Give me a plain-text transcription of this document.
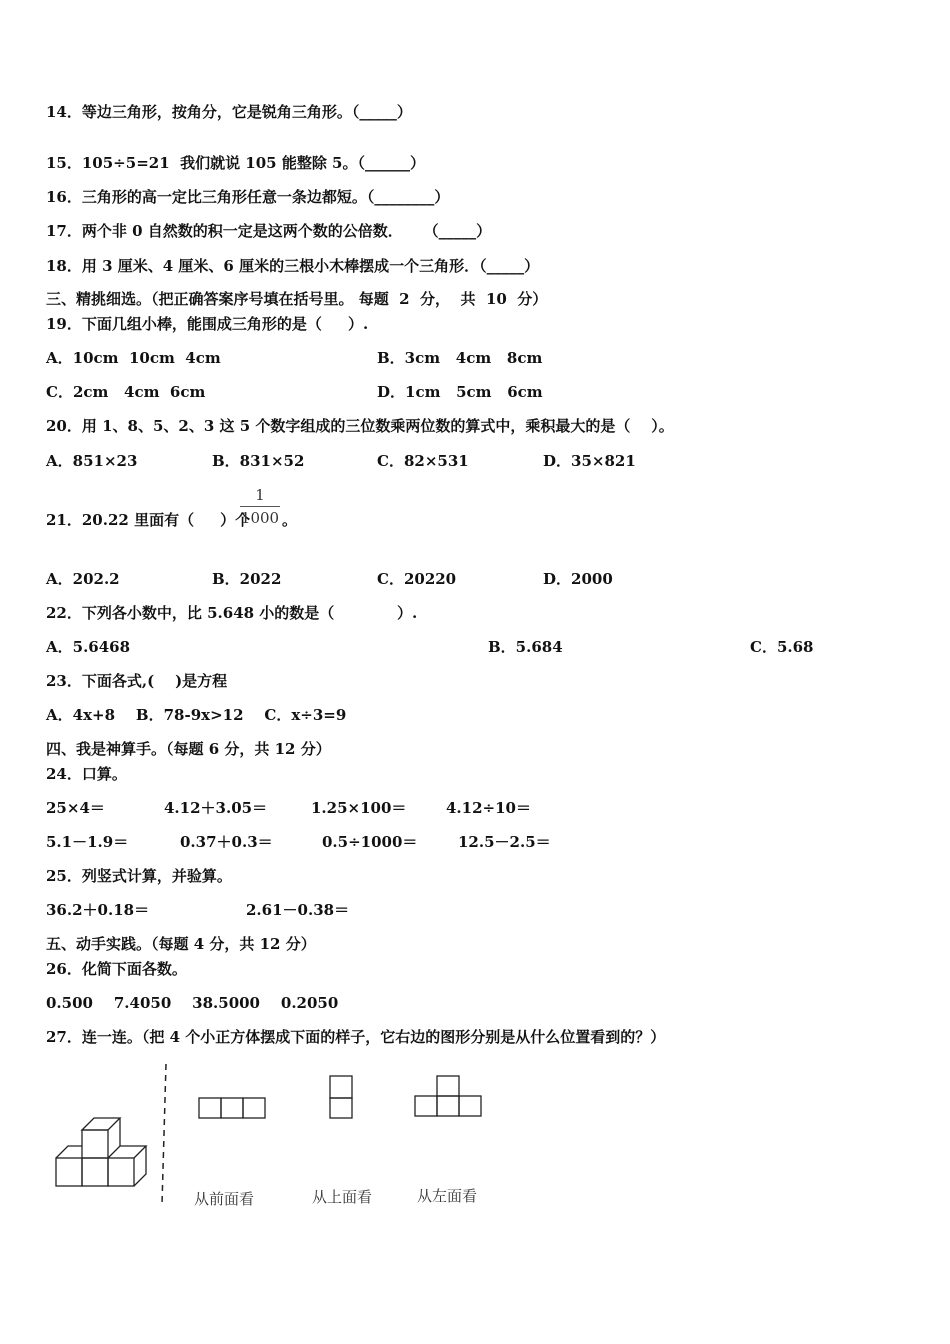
14．等边三角形，按角分，它是锐角三角形。（_____）
15．105÷5=21  我们就说 105 能整除 5。（______）
16．三角形的高一定比三角形任意一条边都短。（________）
17．两个非 0 自然数的积一定是这两个数的公倍数．    （_____）
18．用 3 厘米、4 厘米、6 厘米的三根小木棒摆成一个三角形．（_____）
三、精挑细选。（把正确答案序号填在括号里。 每题  2  分，  共  10  分）
19．下面几组小棒，能围成三角形的是（     ）.
A．10cm  10cm  4cm	B．3cm   4cm   8cm
C．2cm   4cm  6cm	D．1cm   5cm   6cm
20．用 1、8、5、2、3 这 5 个数字组成的三位数乘两位数的算式中，乘积最大的是（    ）。
A．851×23	B．831×52	C．82×531	D．35×821
21．20.22 里面有（     ）个
1
1000 。
A．202.2	B．2022	C．20220	D．2000
22．下列各小数中，比 5.648 小的数是（            ）.
A．5.6468	B．5.684	C．5.68
23．下面各式,(    )是方程
A．4x+8    B．78-9x>12    C．x÷3=9
四、我是神算手。（每题 6 分，共 12 分）
24．口算。
25×4＝	4.12＋3.05＝	1.25×100＝	4.12÷10＝
5.1－1.9＝	0.37＋0.3＝	0.5÷1000＝	12.5－2.5＝
25．列竖式计算，并验算。
36.2＋0.18＝	2.61－0.38＝
五、动手实践。（每题 4 分，共 12 分）
26．化简下面各数。
0.500    7.4050    38.5000    0.2050
27．连一连。（把 4 个小正方体摆成下面的样子，它右边的图形分别是从什么位置看到的？）
从前面看	从上面看	从左面看
